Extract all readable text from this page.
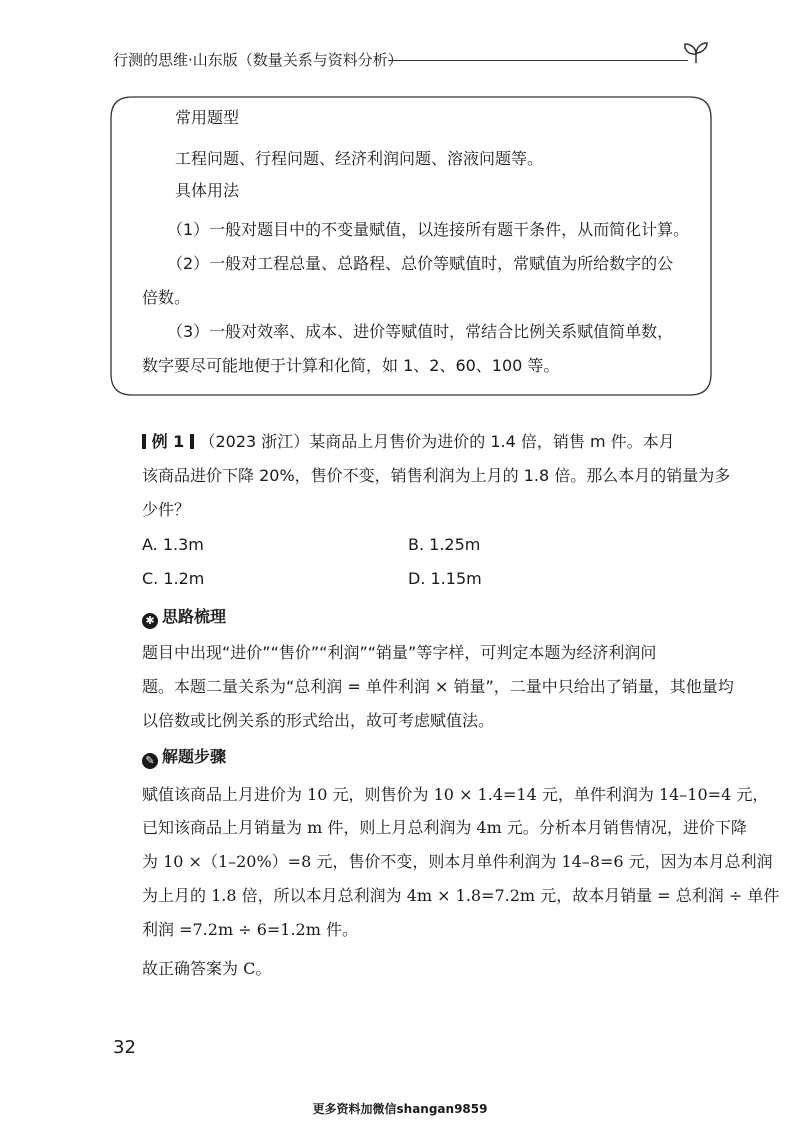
行测的思维·山东版（数量关系与资料分析）

常用题型

工程问题、行程问题、经济利润问题、溶液问题等。

具体用法

（1）一般对题目中的不变量赋值，以连接所有题干条件，从而简化计算。

（2）一般对工程总量、总路程、总价等赋值时，常赋值为所给数字的公

倍数。

（3）一般对效率、成本、进价等赋值时，常结合比例关系赋值简单数，

数字要尽可能地便于计算和化简，如 1、2、60、100 等。

例 1 （2023 浙江）某商品上月售价为进价的 1.4 倍，销售 m 件。本月
该商品进价下降 20%，售价不变，销售利润为上月的 1.8 倍。那么本月的销量为多
少件？
A. 1.3m	B. 1.25m
C. 1.2m	D. 1.15m
✱ 思路梳理
题目中出现“进价”“售价”“利润”“销量”等字样，可判定本题为经济利润问
题。本题二量关系为“总利润 = 单件利润 × 销量”，二量中只给出了销量，其他量均
以倍数或比例关系的形式给出，故可考虑赋值法。
✎ 解题步骤
赋值该商品上月进价为 10 元，则售价为 10 × 1.4=14 元，单件利润为 14–10=4 元，
已知该商品上月销量为 m 件，则上月总利润为 4m 元。分析本月销售情况，进价下降
为 10 ×（1–20%）=8 元，售价不变，则本月单件利润为 14–8=6 元，因为本月总利润
为上月的 1.8 倍，所以本月总利润为 4m × 1.8=7.2m 元，故本月销量 = 总利润 ÷ 单件
利润 =7.2m ÷ 6=1.2m 件。
故正确答案为 C。
32
更多资料加微信shangan9859
